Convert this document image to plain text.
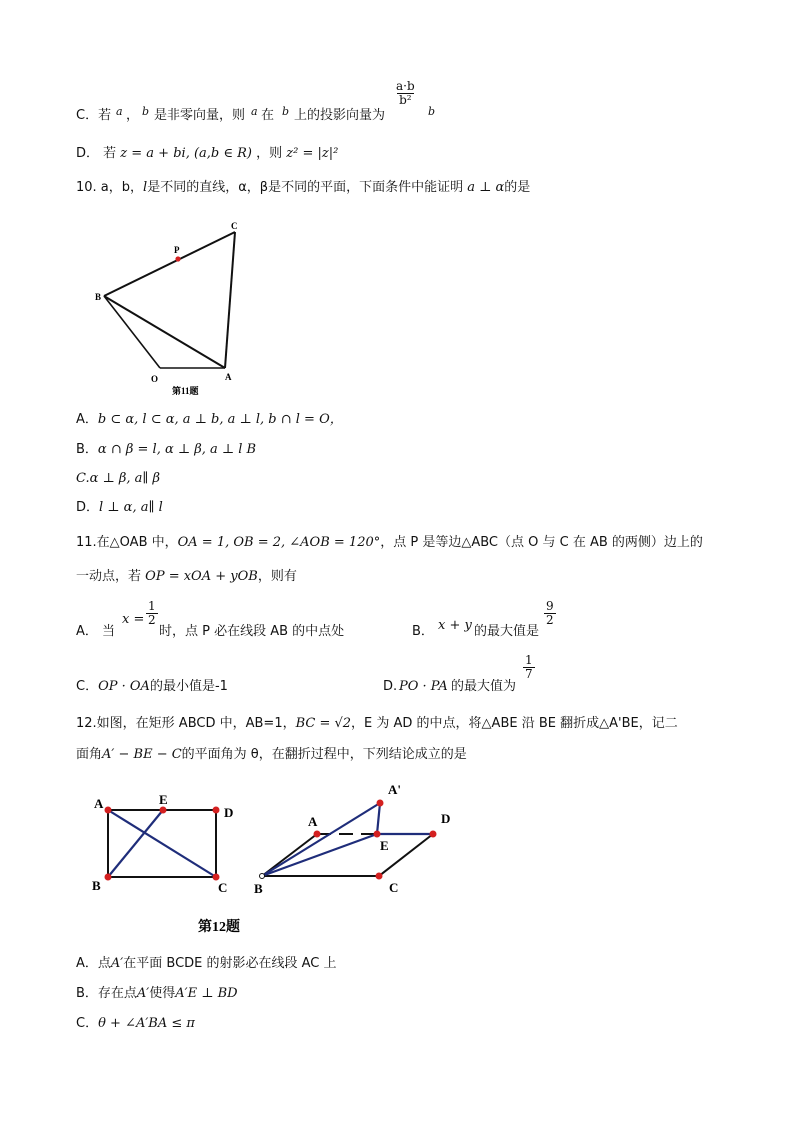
C．若 a ， b 是非零向量，则 a 在 b 上的投影向量为
$\frac{a\cdot b}{\text{b²}}$
b
D． 若 z = a + bi, (a,b ∈ R) ，则 z² = |z|²
10. a，b，l是不同的直线，α，β是不同的平面，下面条件中能证明 a ⊥ α的是
C
P
B
O	A
第11题
A．b ⊂ α, l ⊂ α, a ⊥ b, a ⊥ l, b ∩ l = O，
B．α ∩ β = l, α ⊥ β, a ⊥ l B
C.α ⊥ β, a∥ β
D．l ⊥ α, a∥ l
11.在△OAB 中，OA = 1, OB = 2, ∠AOB = 120°，点 P 是等边△ABC（点 O 与 C 在 AB 的两侧）边上的
一动点，若 OP = xOA + yOB，则有
A． 当
$x = \frac{1}{2}$
时，点 P 必在线段 AB 的中点处	B． x + y 的最大值是
$\frac{9}{2}$
C．OP · OA的最小值是-1	D. PO · PA 的最大值为
$\frac{1}{7}$
12.如图，在矩形 ABCD 中，AB=1，BC = √2，E 为 AD 的中点，将△ABE 沿 BE 翻折成△A'BE，记二
面角A′ − BE − C的平面角为 θ，在翻折过程中，下列结论成立的是
A	E
D
B	C
A'
A	D
E
B	C
第12题
A．点A′在平面 BCDE 的射影必在线段 AC 上
B．存在点A′使得A′E ⊥ BD
C．θ + ∠A′BA ≤ π
